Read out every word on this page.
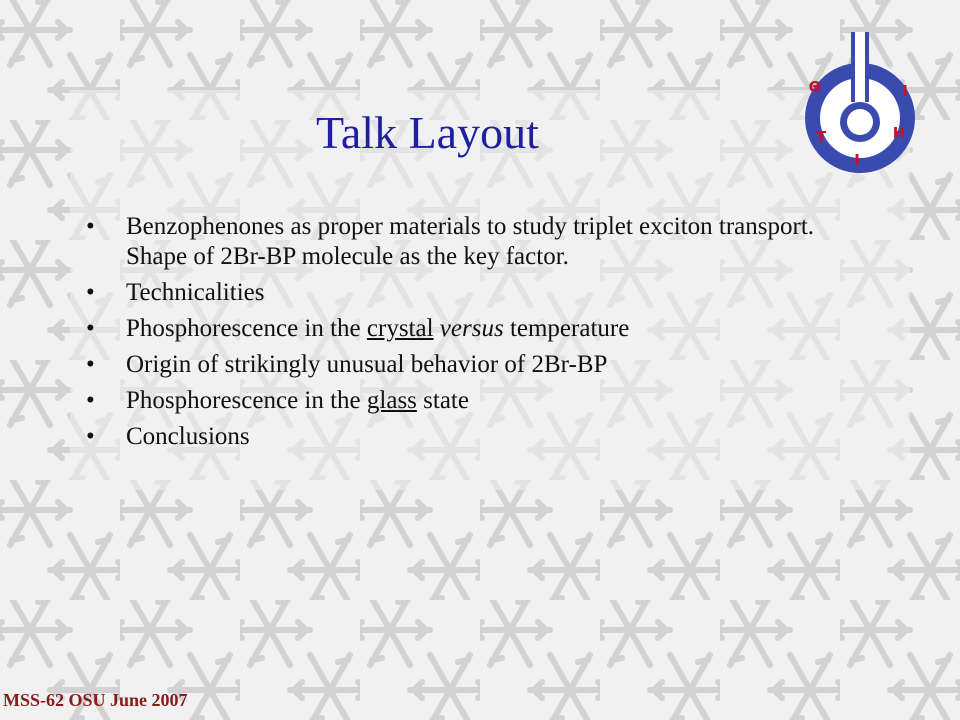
Talk Layout
Θ
Τ
Ι
Η
Ι
• Benzophenones as proper materials to study triplet exciton transport. Shape of 2Br-BP molecule as the key factor.
• Technicalities
• Phosphorescence in the crystal versus temperature
• Origin of strikingly unusual behavior of 2Br-BP
• Phosphorescence in the glass state
• Conclusions
MSS-62 OSU June 2007
